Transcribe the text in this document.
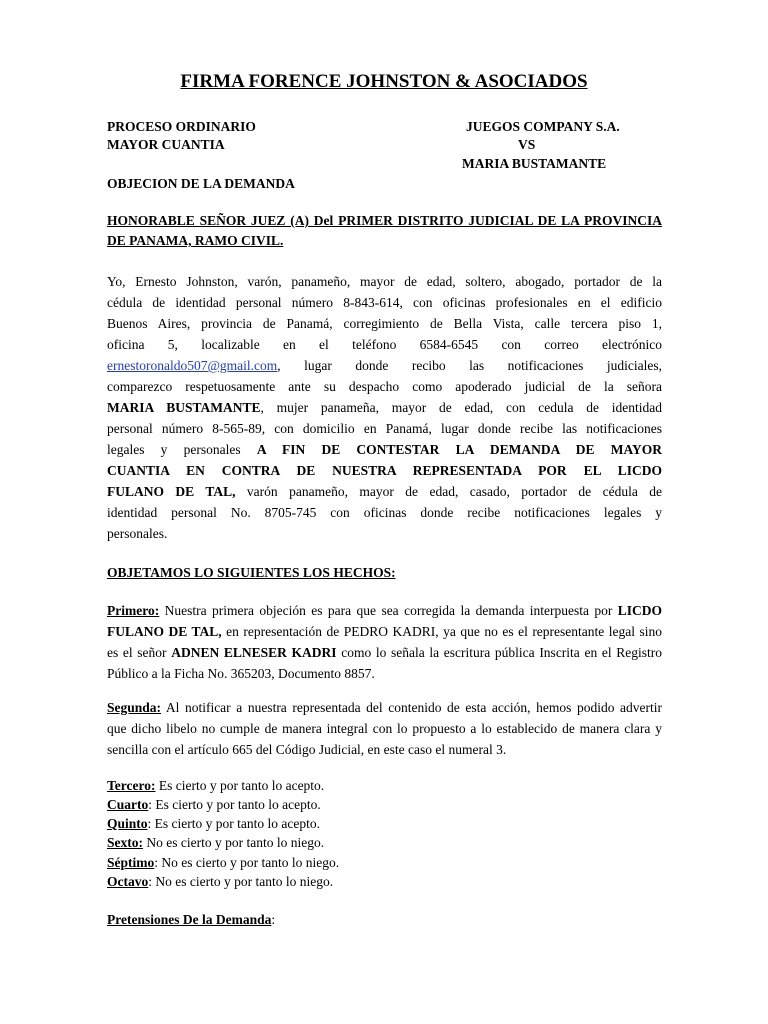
FIRMA FORENCE JOHNSTON & ASOCIADOS
PROCESO ORDINARIO	JUEGOS COMPANY S.A.
MAYOR CUANTIA	VS
MARIA BUSTAMANTE
OBJECION DE LA DEMANDA
HONORABLE SEÑOR JUEZ (A) Del PRIMER DISTRITO JUDICIAL DE LA PROVINCIA
DE PANAMA, RAMO CIVIL.
Yo, Ernesto Johnston, varón, panameño, mayor de edad, soltero, abogado, portador de la
cédula de identidad personal número 8-843-614, con oficinas profesionales en el edificio
Buenos Aires, provincia de Panamá, corregimiento de Bella Vista, calle tercera piso 1,
oficina 5, localizable en el teléfono 6584-6545 con correo electrónico
ernestoronaldo507@gmail.com, lugar donde recibo las notificaciones judiciales,
comparezco respetuosamente ante su despacho como apoderado judicial de la señora
MARIA BUSTAMANTE, mujer panameña, mayor de edad, con cedula de identidad
personal número 8-565-89, con domicilio en Panamá, lugar donde recibe las notificaciones
legales y personales A FIN DE CONTESTAR LA DEMANDA DE MAYOR
CUANTIA EN CONTRA DE NUESTRA REPRESENTADA POR EL LICDO
FULANO DE TAL, varón panameño, mayor de edad, casado, portador de cédula de
identidad personal No. 8705-745 con oficinas donde recibe notificaciones legales y
personales.
OBJETAMOS LO SIGUIENTES LOS HECHOS:
Primero: Nuestra primera objeción es para que sea corregida la demanda interpuesta por LICDO
FULANO DE TAL, en representación de PEDRO KADRI, ya que no es el representante legal sino
es el señor ADNEN ELNESER KADRI como lo señala la escritura pública Inscrita en el Registro
Público a la Ficha No. 365203, Documento 8857.
Segunda: Al notificar a nuestra representada del contenido de esta acción, hemos podido advertir
que dicho libelo no cumple de manera integral con lo propuesto a lo establecido de manera clara y
sencilla con el artículo 665 del Código Judicial, en este caso el numeral 3.
Tercero: Es cierto y por tanto lo acepto.
Cuarto: Es cierto y por tanto lo acepto.
Quinto: Es cierto y por tanto lo acepto.
Sexto: No es cierto y por tanto lo niego.
Séptimo: No es cierto y por tanto lo niego.
Octavo: No es cierto y por tanto lo niego.
Pretensiones De la Demanda:
